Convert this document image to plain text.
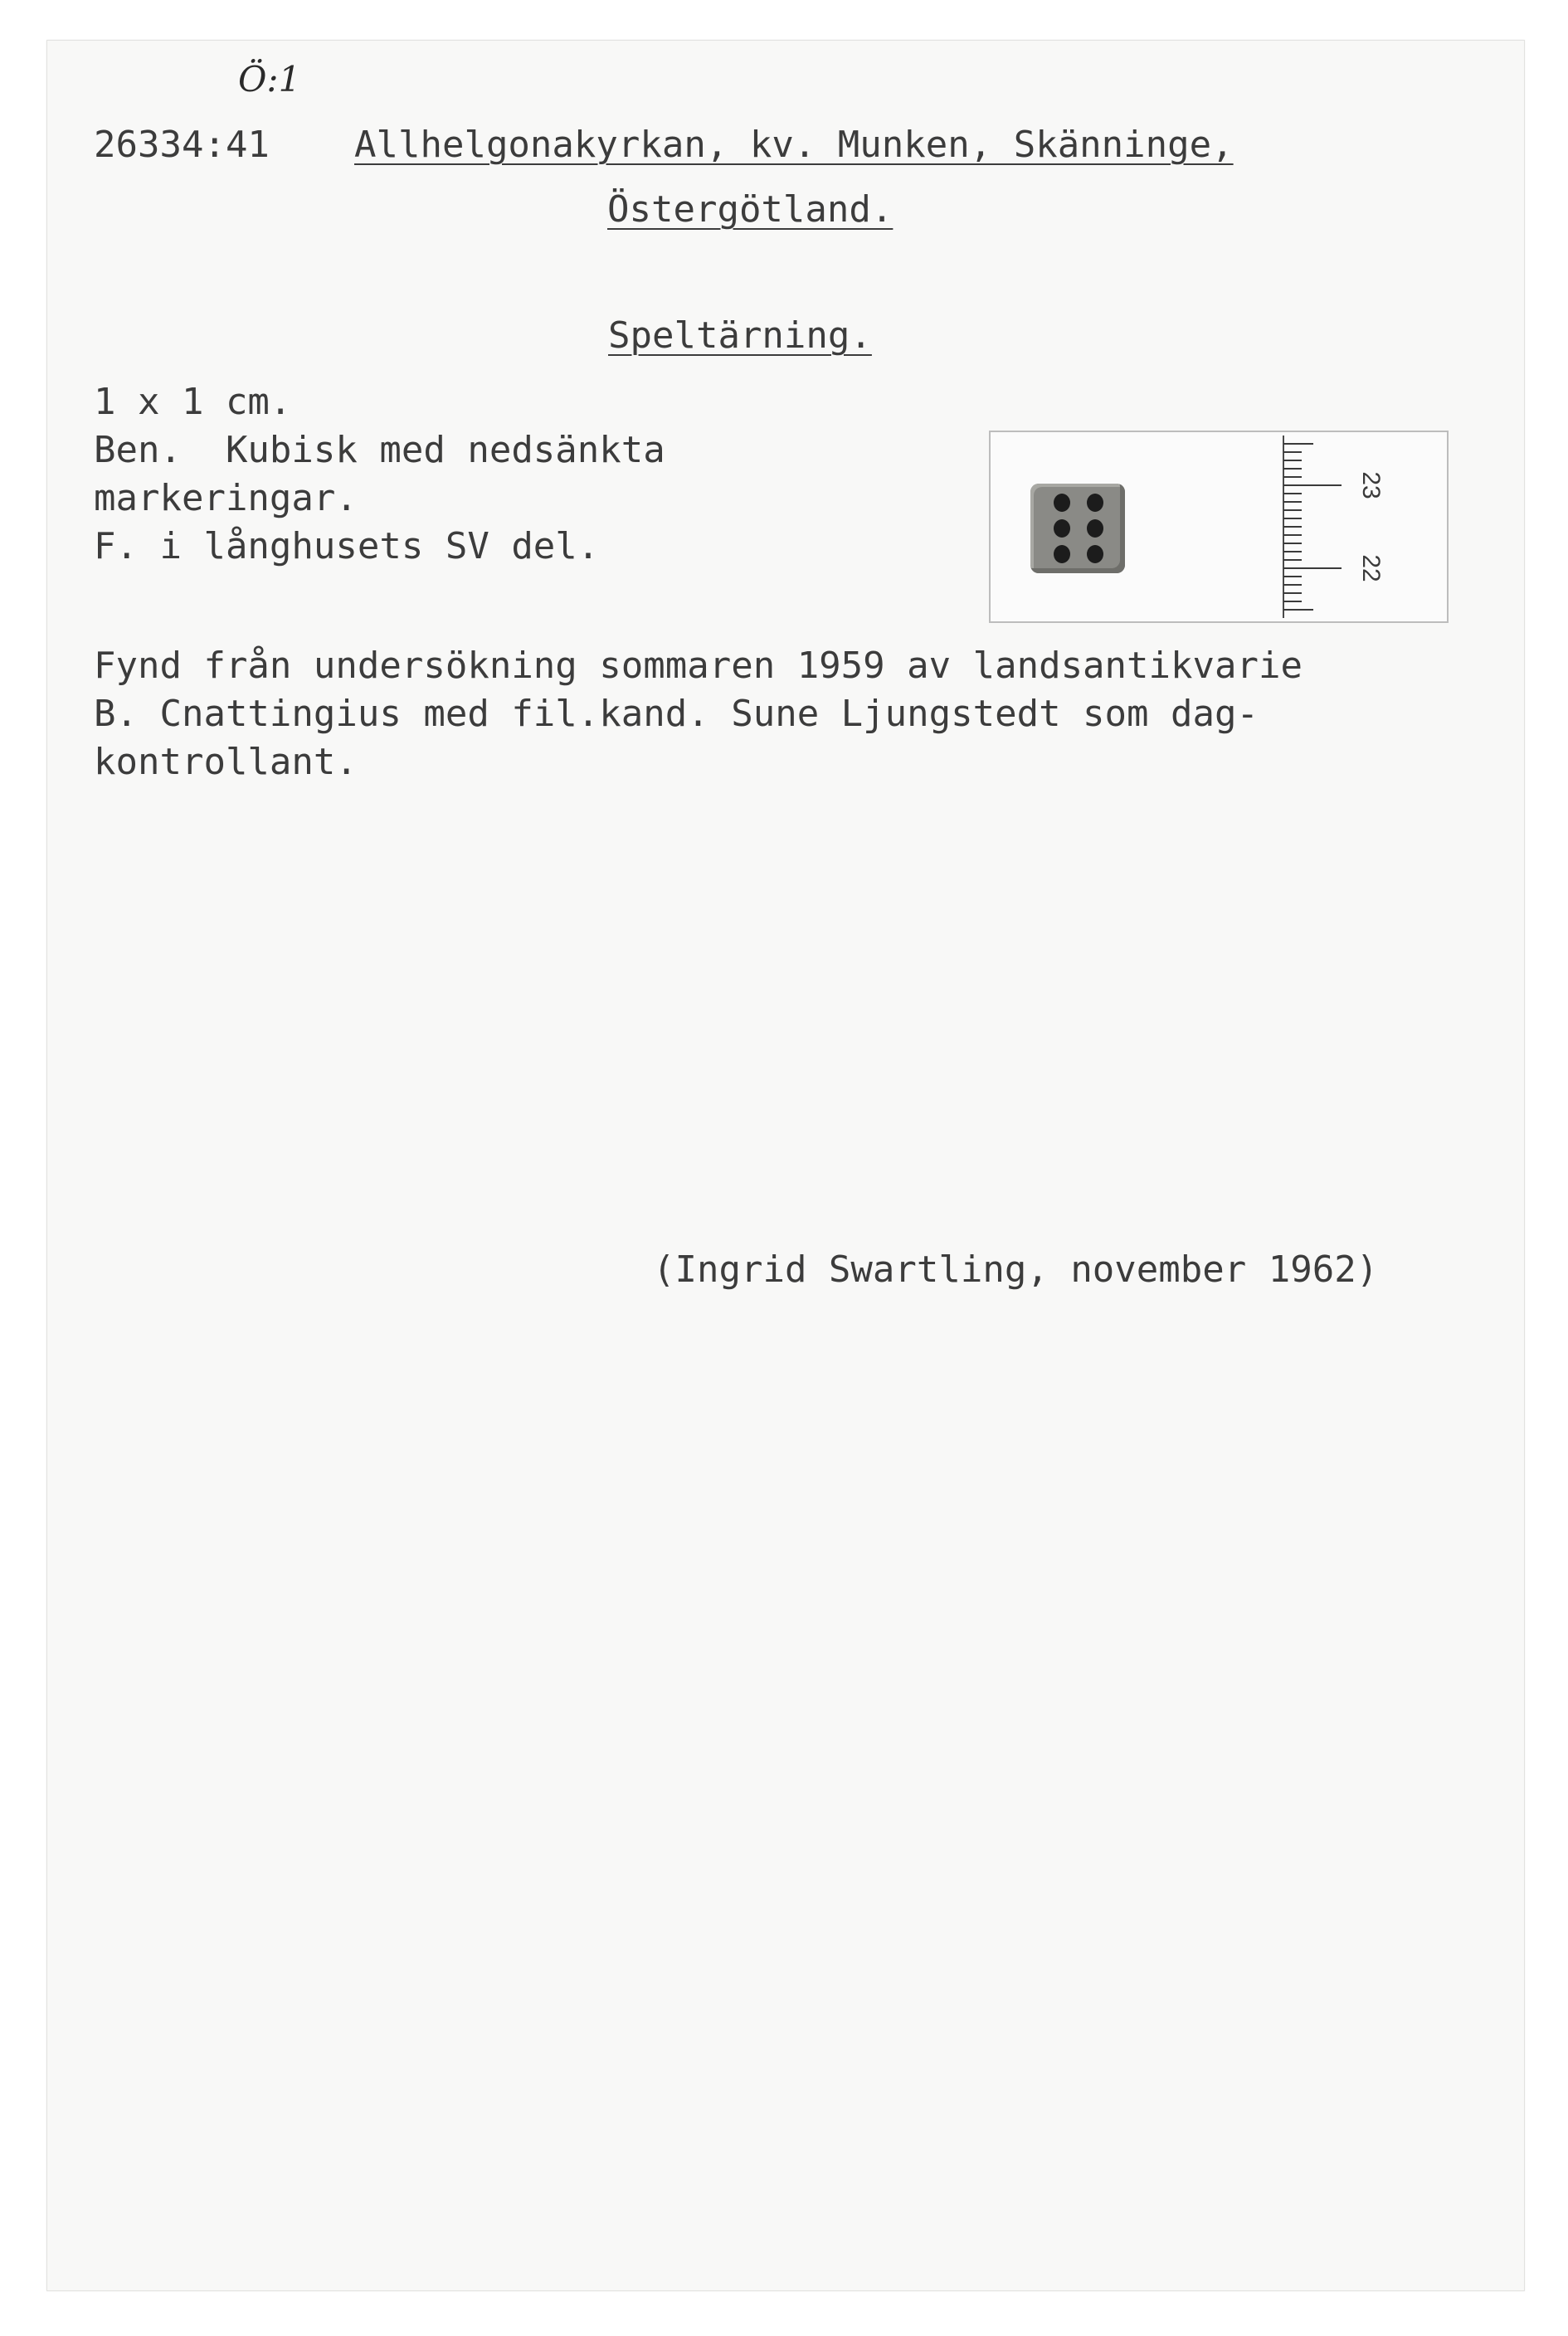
Ö:1
26334:41 Allhelgonakyrkan, kv. Munken, Skänninge,
Östergötland.
Speltärning.
1 x 1 cm.
Ben.  Kubisk med nedsänkta
markeringar.
F. i långhusets SV del.
Fynd från undersökning sommaren 1959 av landsantikvarie
B. Cnattingius med fil.kand. Sune Ljungstedt som dag-
kontrollant.
(Ingrid Swartling, november 1962)
23
22
